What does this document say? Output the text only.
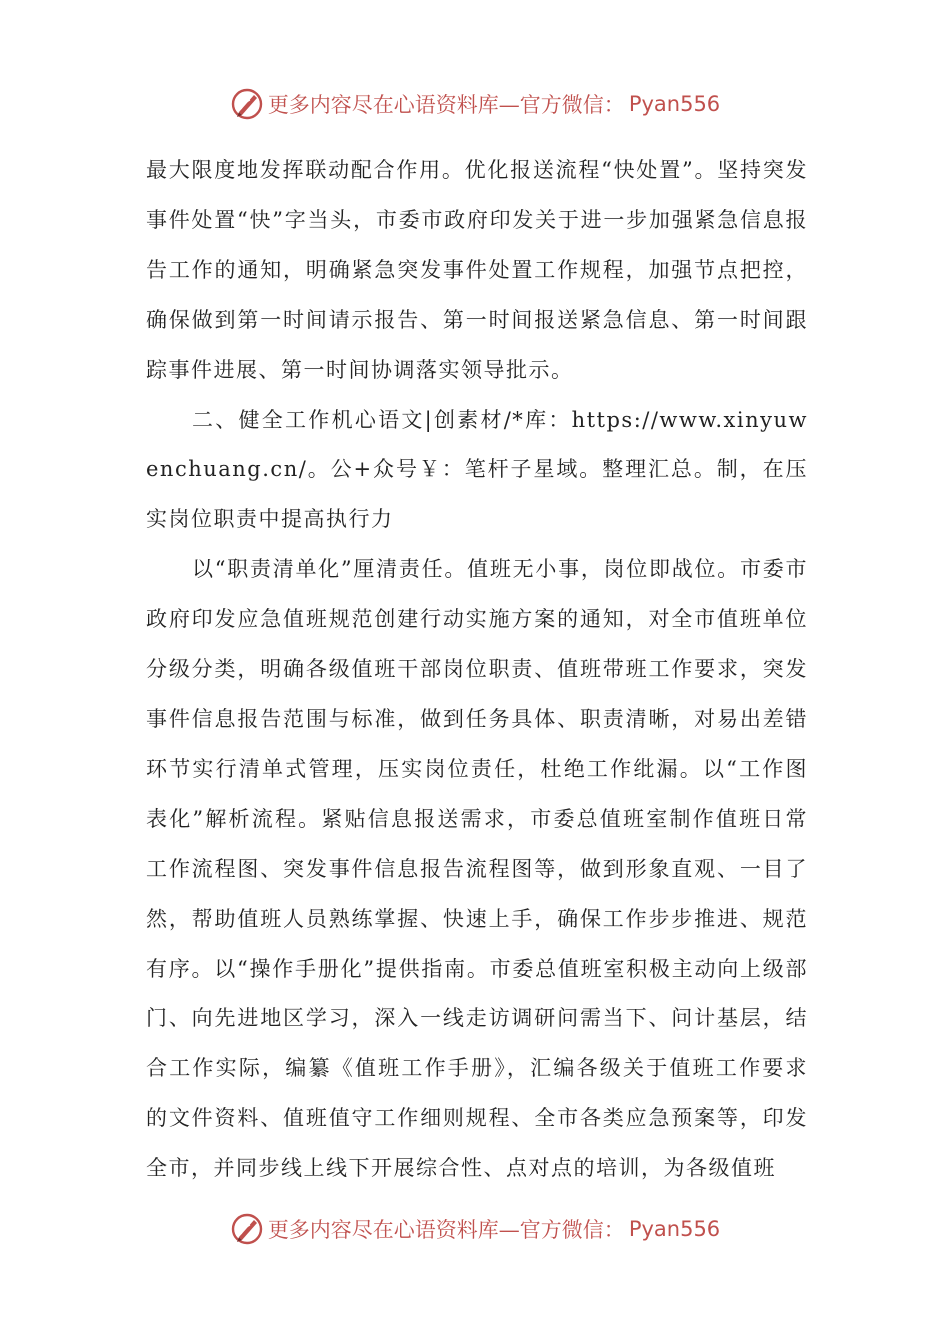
更多内容尽在心语资料库—官方微信： Pyan556

最大限度地发挥联动配合作用。优化报送流程“快处置”。坚持突发事件处置“快”字当头，市委市政府印发关于进一步加强紧急信息报告工作的通知，明确紧急突发事件处置工作规程，加强节点把控，确保做到第一时间请示报告、第一时间报送紧急信息、第一时间跟踪事件进展、第一时间协调落实领导批示。

二、健全工作机心语文|创素材/*库：https://www.xinyuwenchuang.cn/。公+众号￥：笔杆子星域。整理汇总。制，在压实岗位职责中提高执行力

以“职责清单化”厘清责任。值班无小事，岗位即战位。市委市政府印发应急值班规范创建行动实施方案的通知，对全市值班单位分级分类，明确各级值班干部岗位职责、值班带班工作要求，突发事件信息报告范围与标准，做到任务具体、职责清晰，对易出差错环节实行清单式管理，压实岗位责任，杜绝工作纰漏。以“工作图表化”解析流程。紧贴信息报送需求，市委总值班室制作值班日常工作流程图、突发事件信息报告流程图等，做到形象直观、一目了然，帮助值班人员熟练掌握、快速上手，确保工作步步推进、规范有序。以“操作手册化”提供指南。市委总值班室积极主动向上级部门、向先进地区学习，深入一线走访调研问需当下、问计基层，结合工作实际，编纂《值班工作手册》，汇编各级关于值班工作要求的文件资料、值班值守工作细则规程、全市各类应急预案等，印发全市，并同步线上线下开展综合性、点对点的培训，为各级值班

更多内容尽在心语资料库—官方微信： Pyan556
